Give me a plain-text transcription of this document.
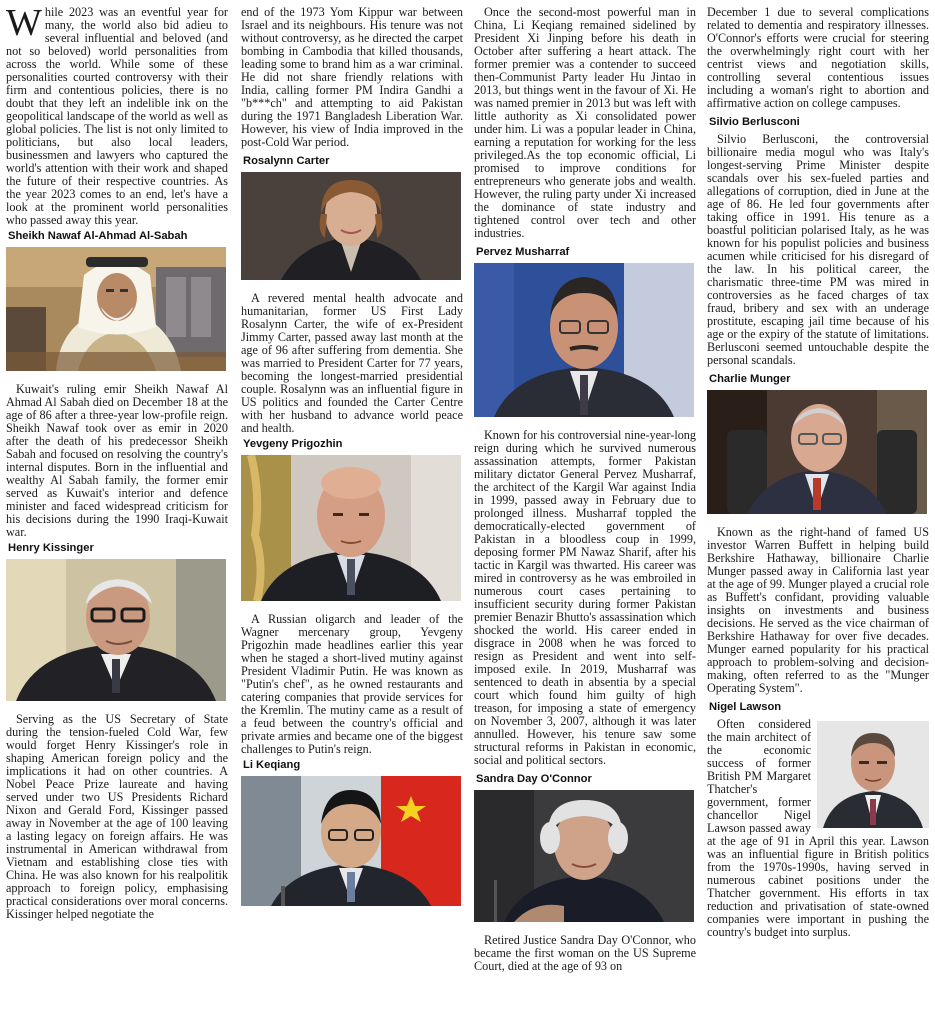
While 2023 was an eventful year for many, the world also bid adieu to several influential and beloved (and not so beloved) world personalities from across the world. While some of these personalities courted controversy with their firm and contentious policies, there is no doubt that they left an indelible ink on the geopolitical landscape of the world as well as global policies. The list is not only limited to politicians, but also local leaders, businessmen and lawyers who captured the world's attention with their work and shaped the future of their respective countries. As the year 2023 comes to an end, let's have a look at the prominent world personalities who passed away this year.

Sheikh Nawaf Al-Ahmad Al-Sabah

Kuwait's ruling emir Sheikh Nawaf Al Ahmad Al Sabah died on December 18 at the age of 86 after a three-year low-profile reign. Sheikh Nawaf took over as emir in 2020 after the death of his predecessor Sheikh Sabah and focused on resolving the country's internal disputes. Born in the influential and wealthy Al Sabah family, the former emir served as Kuwait's interior and defence minister and faced widespread criticism for his decisions during the 1990 Iraqi-Kuwait war.

Henry Kissinger

Serving as the US Secretary of State during the tension-fueled Cold War, few would forget Henry Kissinger's role in shaping American foreign policy and the implications it had on other countries. A Nobel Peace Prize laureate and having served under two US Presidents Richard Nixon and Gerald Ford, Kissinger passed away in November at the age of 100 leaving a lasting legacy on foreign affairs. He was instrumental in American withdrawal from Vietnam and establishing close ties with China. He was also known for his realpolitik approach to foreign policy, emphasising practical considerations over moral concerns. Kissinger helped negotiate the

end of the 1973 Yom Kippur war between Israel and its neighbours. His tenure was not without controversy, as he directed the carpet bombing in Cambodia that killed thousands, leading some to brand him as a war criminal. He did not share friendly relations with India, calling former PM Indira Gandhi a "b***ch" and attempting to aid Pakistan during the 1971 Bangladesh Liberation War. However, his view of India improved in the post-Cold War period.

Rosalynn Carter

A revered mental health advocate and humanitarian, former US First Lady Rosalynn Carter, the wife of ex-President Jimmy Carter, passed away last month at the age of 96 after suffering from dementia. She was married to President Carter for 77 years, becoming the longest-married presidential couple. Rosalynn was an influential figure in US politics and founded the Carter Centre with her husband to advance world peace and health.

Yevgeny Prigozhin

A Russian oligarch and leader of the Wagner mercenary group, Yevgeny Prigozhin made headlines earlier this year when he staged a short-lived mutiny against President Vladimir Putin. He was known as "Putin's chef", as he owned restaurants and catering companies that provide services for the Kremlin. The mutiny came as a result of a feud between the country's official and private armies and became one of the biggest challenges to Putin's reign.

Li Keqiang

Once the second-most powerful man in China, Li Keqiang remained sidelined by President Xi Jinping before his death in October after suffering a heart attack. The former premier was a contender to succeed then-Communist Party leader Hu Jintao in 2013, but things went in the favour of Xi. He was named premier in 2013 but was left with little authority as Xi consolidated power under him. Li was a popular leader in China, earning a reputation for working for the less privileged.As the top economic official, Li promised to improve conditions for entrepreneurs who generate jobs and wealth. However, the ruling party under Xi increased the dominance of state industry and tightened control over tech and other industries.

Pervez Musharraf

Known for his controversial nine-year-long reign during which he survived numerous assassination attempts, former Pakistan military dictator General Pervez Musharraf, the architect of the Kargil War against India in 1999, passed away in February due to prolonged illness. Musharraf toppled the democratically-elected government of Pakistan in a bloodless coup in 1999, deposing former PM Nawaz Sharif, after his tactic in Kargil was thwarted. His career was mired in controversy as he was embroiled in numerous court cases pertaining to insufficient security during former Pakistan premier Benazir Bhutto's assassination which shocked the world. His career ended in disgrace in 2008 when he was forced to resign as President and went into self-imposed exile. In 2019, Musharraf was sentenced to death in absentia by a special court which found him guilty of high treason, for imposing a state of emergency on November 3, 2007, although it was later annulled. However, his tenure saw some structural reforms in Pakistan in economic, social and political sectors.

Sandra Day O'Connor

Retired Justice Sandra Day O'Connor, who became the first woman on the US Supreme Court, died at the age of 93 on

December 1 due to several complications related to dementia and respiratory illnesses. O'Connor's efforts were crucial for steering the overwhelmingly right court with her centrist views and negotiation skills, controlling several contentious issues including a woman's right to abortion and affirmative action on college campuses.

Silvio Berlusconi

Silvio Berlusconi, the controversial billionaire media mogul who was Italy's longest-serving Prime Minister despite scandals over his sex-fueled parties and allegations of corruption, died in June at the age of 86. He led four governments after taking office in 1991. His tenure as a boastful politician polarised Italy, as he was known for his populist policies and business acumen while criticised for his disregard of the law. In his political career, the charismatic three-time PM was mired in controversies as he faced charges of tax fraud, bribery and sex with an underage prostitute, escaping jail time because of his age or the expiry of the statute of limitations. Berlusconi seemed untouchable despite the personal scandals.

Charlie Munger

Known as the right-hand of famed US investor Warren Buffett in helping build Berkshire Hathaway, billionaire Charlie Munger passed away in California last year at the age of 99. Munger played a crucial role as Buffett's confidant, providing valuable insights on investments and business decisions. He served as the vice chairman of Berkshire Hathaway for over five decades. Munger earned popularity for his practical approach to problem-solving and decision-making, often referred to as the "Munger Operating System".

Nigel Lawson

Often considered the main architect of the economic success of former British PM Margaret Thatcher's government, former chancellor Nigel Lawson passed away at the age of 91 in April this year. Lawson was an influential figure in British politics from the 1970s-1990s, having served in numerous cabinet positions under the Thatcher government. His efforts in tax reduction and privatisation of state-owned companies were important in pushing the country's budget into surplus.
